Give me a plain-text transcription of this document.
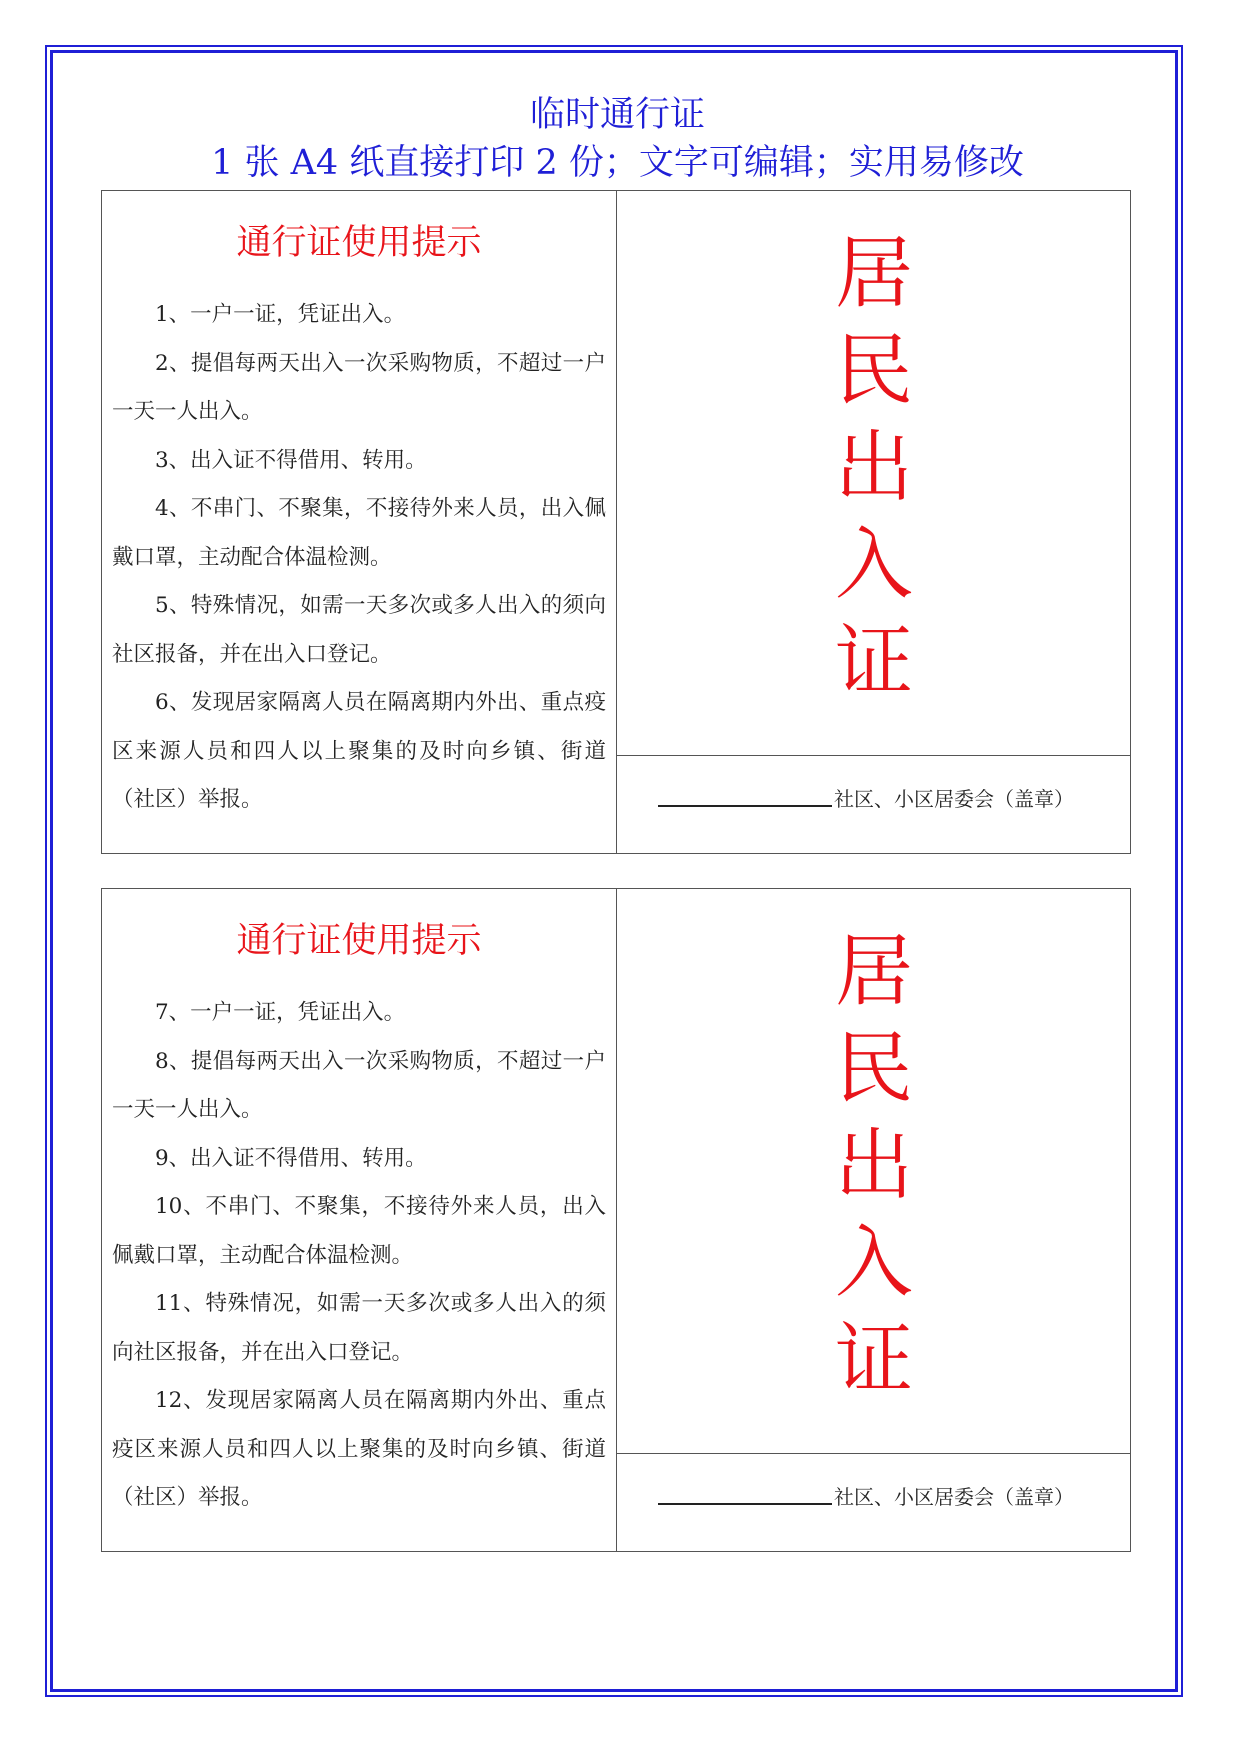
临时通行证
1 张 A4 纸直接打印 2 份；文字可编辑；实用易修改
通行证使用提示

1、一户一证，凭证出入。

2、提倡每两天出入一次采购物质，不超过一户一天一人出入。

3、出入证不得借用、转用。

4、不串门、不聚集，不接待外来人员，出入佩戴口罩，主动配合体温检测。

5、特殊情况，如需一天多次或多人出入的须向社区报备，并在出入口登记。

6、发现居家隔离人员在隔离期内外出、重点疫区来源人员和四人以上聚集的及时向乡镇、街道（社区）举报。

居
民
出
入
证
社区、小区居委会（盖章）
通行证使用提示

7、一户一证，凭证出入。

8、提倡每两天出入一次采购物质，不超过一户一天一人出入。

9、出入证不得借用、转用。

10、不串门、不聚集，不接待外来人员，出入佩戴口罩，主动配合体温检测。

11、特殊情况，如需一天多次或多人出入的须向社区报备，并在出入口登记。

12、发现居家隔离人员在隔离期内外出、重点疫区来源人员和四人以上聚集的及时向乡镇、街道（社区）举报。

居
民
出
入
证
社区、小区居委会（盖章）
